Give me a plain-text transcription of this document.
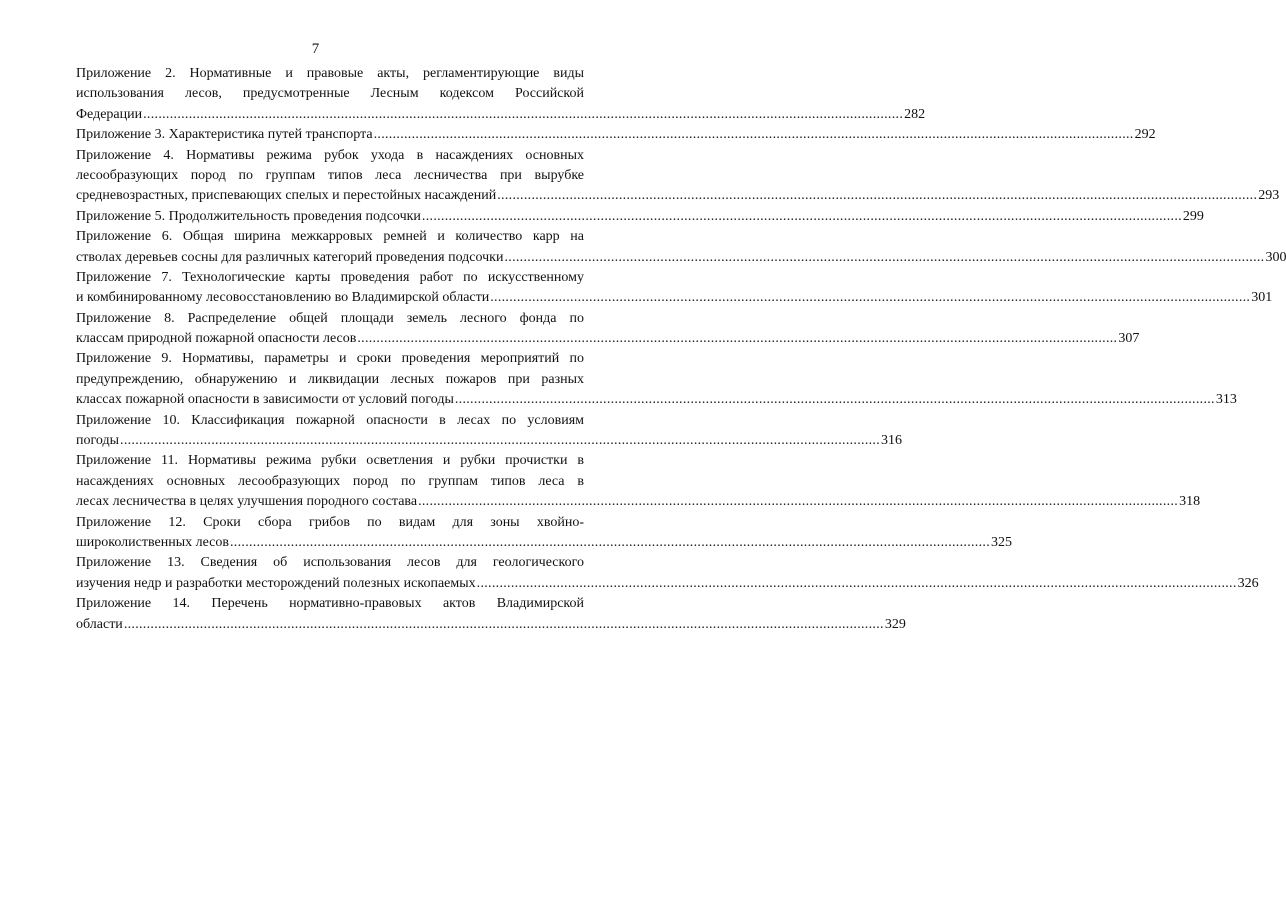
7
Приложение 2. Нормативные и правовые акты, регламентирующие виды
использования лесов, предусмотренные Лесным кодексом Российской
Федерации ........................................................................................................................................................................................................ 282
Приложение 3. Характеристика путей транспорта ........................................................................................................................................................................................................ 292
Приложение 4. Нормативы режима рубок ухода в насаждениях основных
лесообразующих пород по группам типов леса лесничества при вырубке
средневозрастных, приспевающих спелых и перестойных насаждений ........................................................................................................................................................................................................ 293
Приложение 5. Продолжительность проведения подсочки ........................................................................................................................................................................................................ 299
Приложение 6. Общая ширина межкарровых ремней и количество карр на
стволах деревьев сосны для различных категорий проведения подсочки ........................................................................................................................................................................................................ 300
Приложение 7. Технологические карты проведения работ по искусственному
и комбинированному лесовосстановлению во Владимирской области ........................................................................................................................................................................................................ 301
Приложение 8. Распределение общей площади земель лесного фонда по
классам природной пожарной опасности лесов ........................................................................................................................................................................................................ 307
Приложение 9. Нормативы, параметры и сроки проведения мероприятий по
предупреждению, обнаружению и ликвидации лесных пожаров при разных
классах пожарной опасности в зависимости от условий погоды ........................................................................................................................................................................................................ 313
Приложение 10. Классификация пожарной опасности в лесах по условиям
погоды ........................................................................................................................................................................................................ 316
Приложение 11. Нормативы режима рубки осветления и рубки прочистки в
насаждениях основных лесообразующих пород по группам типов леса в
лесах лесничества в целях улучшения породного состава ........................................................................................................................................................................................................ 318
Приложение 12. Сроки сбора грибов по видам для зоны хвойно-
широколиственных лесов ........................................................................................................................................................................................................ 325
Приложение 13. Сведения об использования лесов для геологического
изучения недр и разработки месторождений полезных ископаемых ........................................................................................................................................................................................................ 326
Приложение 14. Перечень нормативно-правовых актов Владимирской
области ........................................................................................................................................................................................................ 329
